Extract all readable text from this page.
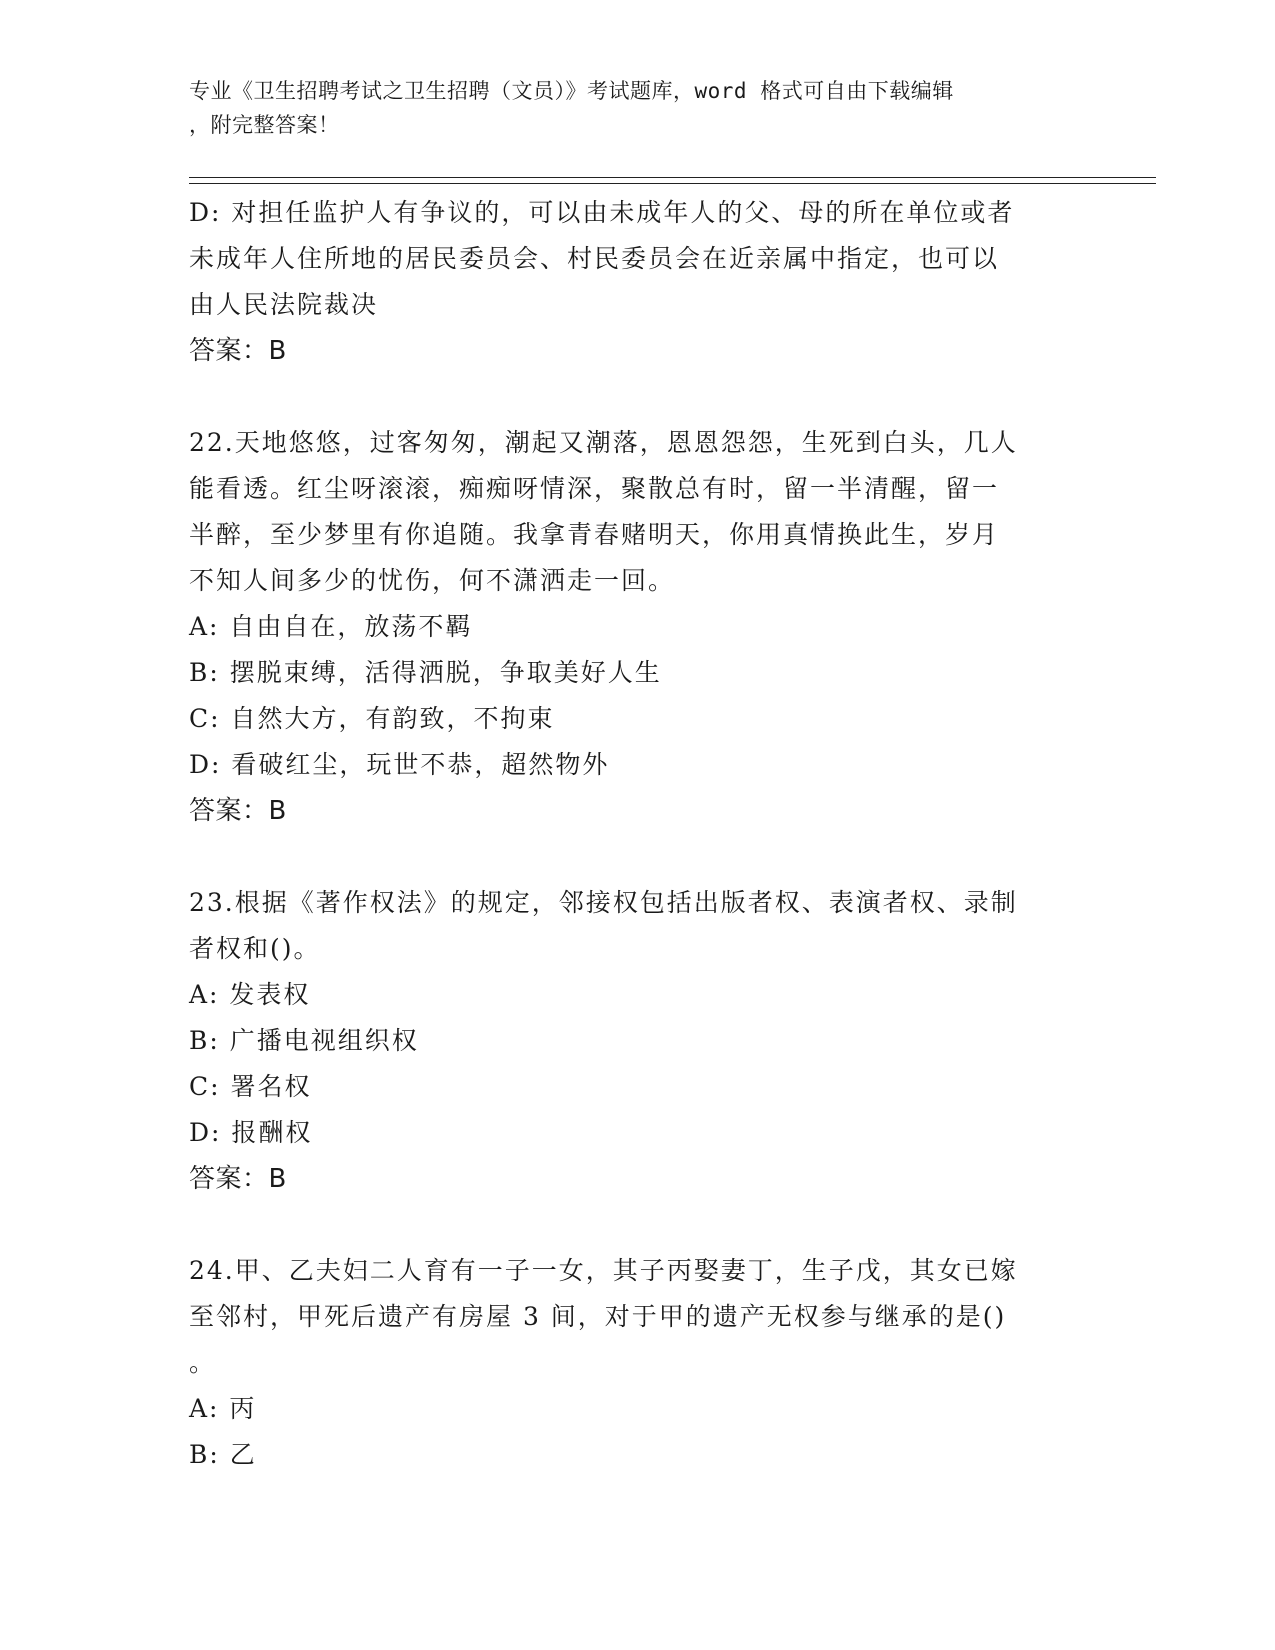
专业《卫生招聘考试之卫生招聘（文员）》考试题库，word 格式可自由下载编辑
，附完整答案！
D: 对担任监护人有争议的，可以由未成年人的父、母的所在单位或者
未成年人住所地的居民委员会、村民委员会在近亲属中指定，也可以
由人民法院裁决
答案：B
22.天地悠悠，过客匆匆，潮起又潮落，恩恩怨怨，生死到白头，几人
能看透。红尘呀滚滚，痴痴呀情深，聚散总有时，留一半清醒，留一
半醉，至少梦里有你追随。我拿青春赌明天，你用真情换此生，岁月
不知人间多少的忧伤，何不潇洒走一回。
A: 自由自在，放荡不羁
B: 摆脱束缚，活得洒脱，争取美好人生
C: 自然大方，有韵致，不拘束
D: 看破红尘，玩世不恭，超然物外
答案：B
23.根据《著作权法》的规定，邻接权包括出版者权、表演者权、录制
者权和()。
A: 发表权
B: 广播电视组织权
C: 署名权
D: 报酬权
答案：B
24.甲、乙夫妇二人育有一子一女，其子丙娶妻丁，生子戊，其女已嫁
至邻村，甲死后遗产有房屋 3 间，对于甲的遗产无权参与继承的是()
。
A: 丙
B: 乙
